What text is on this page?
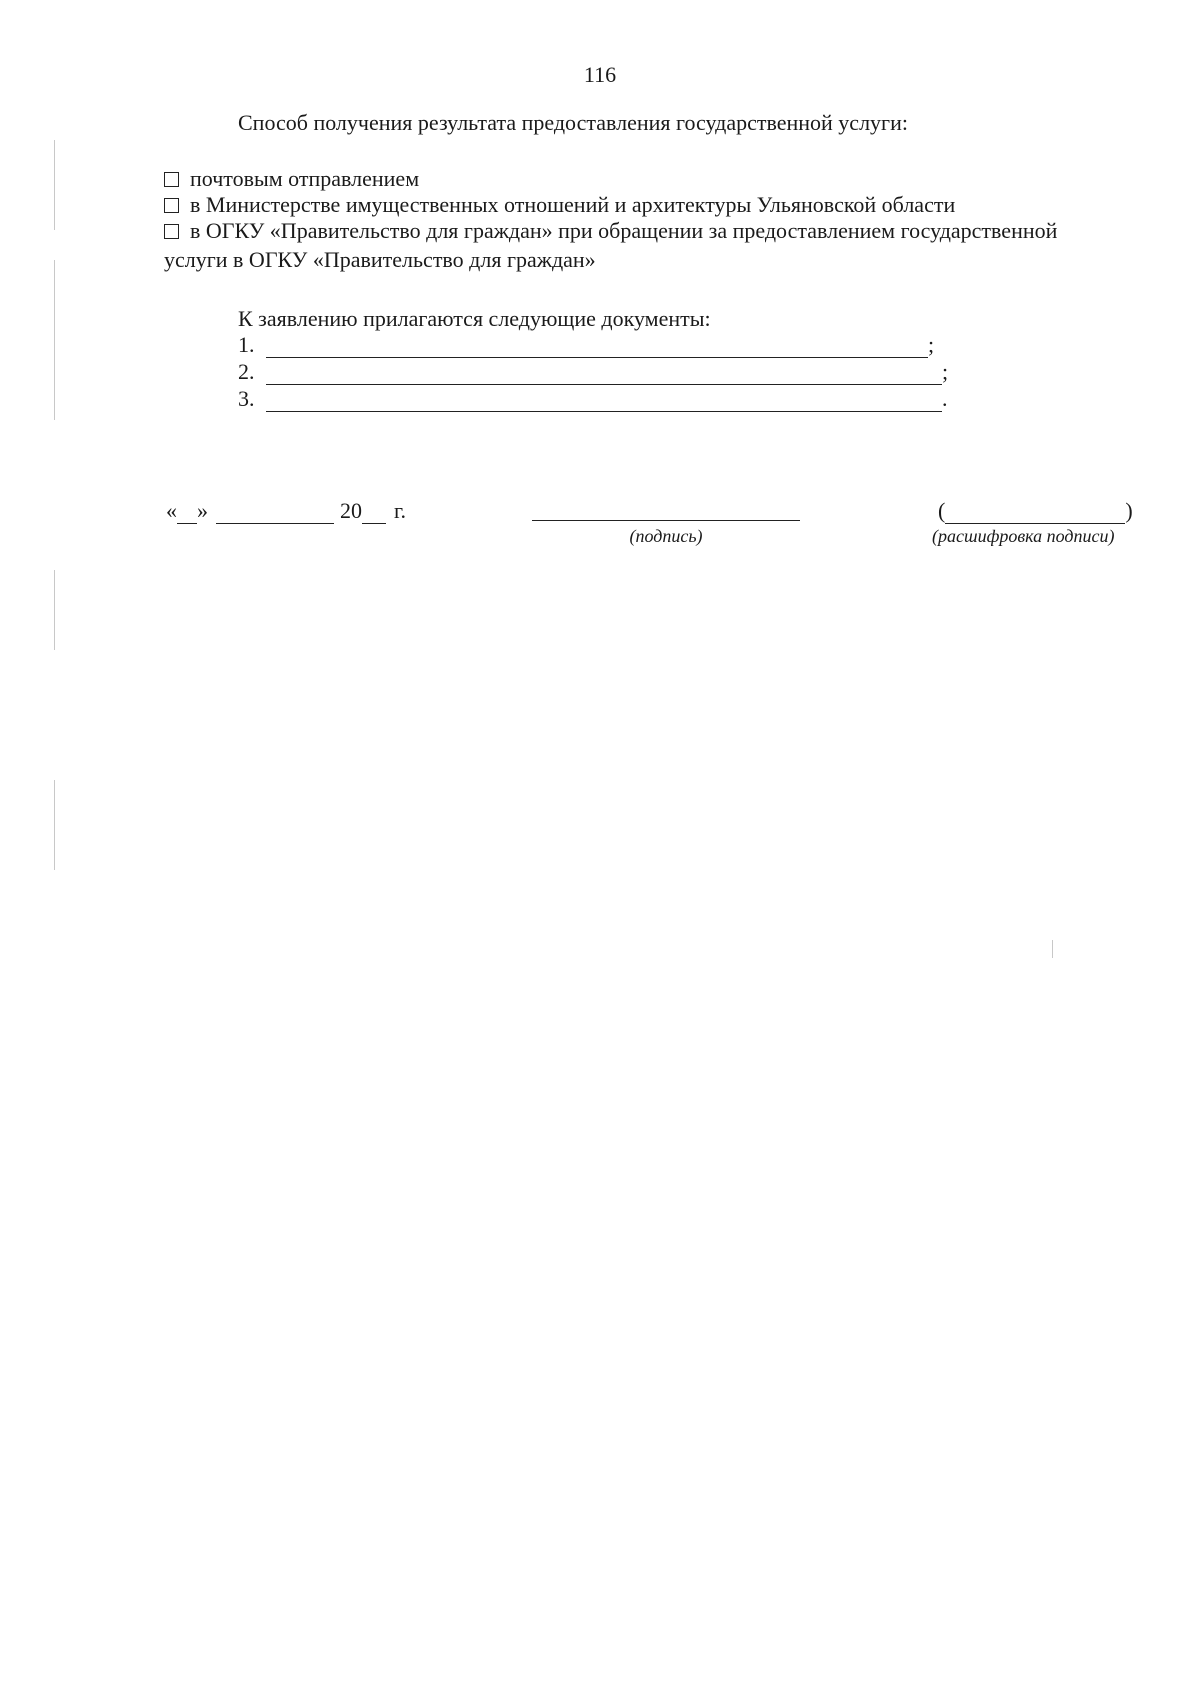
116
Способ получения результата предоставления государственной услуги:
почтовым отправлением
в Министерстве имущественных отношений и архитектуры Ульяновской области
в ОГКУ «Правительство для граждан» при обращении за предоставлением государственной
услуги в ОГКУ «Правительство для граждан»
К заявлению прилагаются следующие документы:
1.	;
2.	;
3.	.
« »	20 г.
(подпись)
(	)
(расшифровка подписи)
